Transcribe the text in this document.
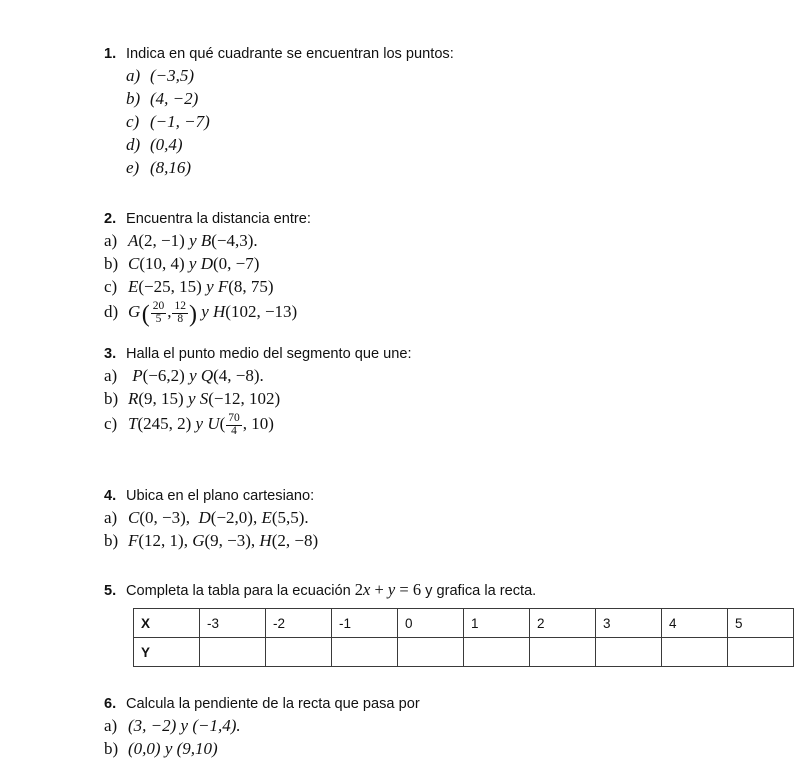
1. Indica en qué cuadrante se encuentran los puntos:
a) (−3,5)
b) (4, −2)
c) (−1, −7)
d) (0,4)
e) (8,16)
2. Encuentra la distancia entre:
a) A(2, −1) y B(−4,3).
b) C(10, 4) y D(0, −7)
c) E(−25, 15) y F(8, 75)
d) G ( $\frac{20}{5}$ , $\frac{12}{8}$ ) y H(102, −13)
3. Halla el punto medio del segmento que une:
a) P(−6,2) y Q(4, −8).
b) R(9, 15) y S(−12, 102)
c) T(245, 2) y $U( \frac{70}{4}$ , 10)
4. Ubica en el plano cartesiano:
a) C(0, −3),  D(−2,0), E(5,5).
b) F(12, 1), G(9, −3), H(2, −8)
5. Completa la tabla para la ecuación 2x + y = 6 y grafica la recta.
X	-3	-2	-1	0	1	2	3	4	5
Y									
6. Calcula la pendiente de la recta que pasa por
a) (3, −2) y (−1,4).
b) (0,0) y (9,10)
